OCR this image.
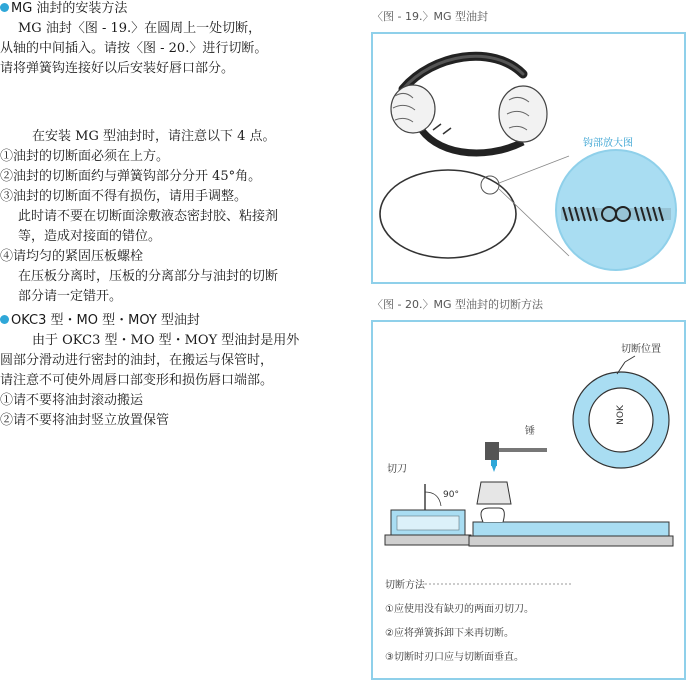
MG 油封的安装方法
MG 油封〈图 - 19.〉在圆周上一处切断，
从轴的中间插入。请按〈图 - 20.〉进行切断。
请将弹簧钩连接好以后安装好唇口部分。
在安装 MG 型油封时，请注意以下 4 点。
①油封的切断面必须在上方。
②油封的切断面约与弹簧钩部分分开 45°角。
③油封的切断面不得有损伤，请用手调整。
此时请不要在切断面涂敷液态密封胶、粘接剂
等，造成对接面的错位。
④请均匀的紧固压板螺栓
在压板分离时，压板的分离部分与油封的切断
部分请一定错开。
OKC3 型・MO 型・MOY 型油封
由于 OKC3 型・MO 型・MOY 型油封是用外
圆部分滑动进行密封的油封，在搬运与保管时，
请注意不可使外周唇口部变形和损伤唇口端部。
①请不要将油封滚动搬运
②请不要将油封竖立放置保管
〈图 - 19.〉MG 型油封
钩部放大图
〈图 - 20.〉MG 型油封的切断方法
切断位置
NOK
锤
切刀
90°
切断方法
①应使用没有缺刃的两面刃切刀。
②应将弹簧拆卸下来再切断。
③切断时刃口应与切断面垂直。
